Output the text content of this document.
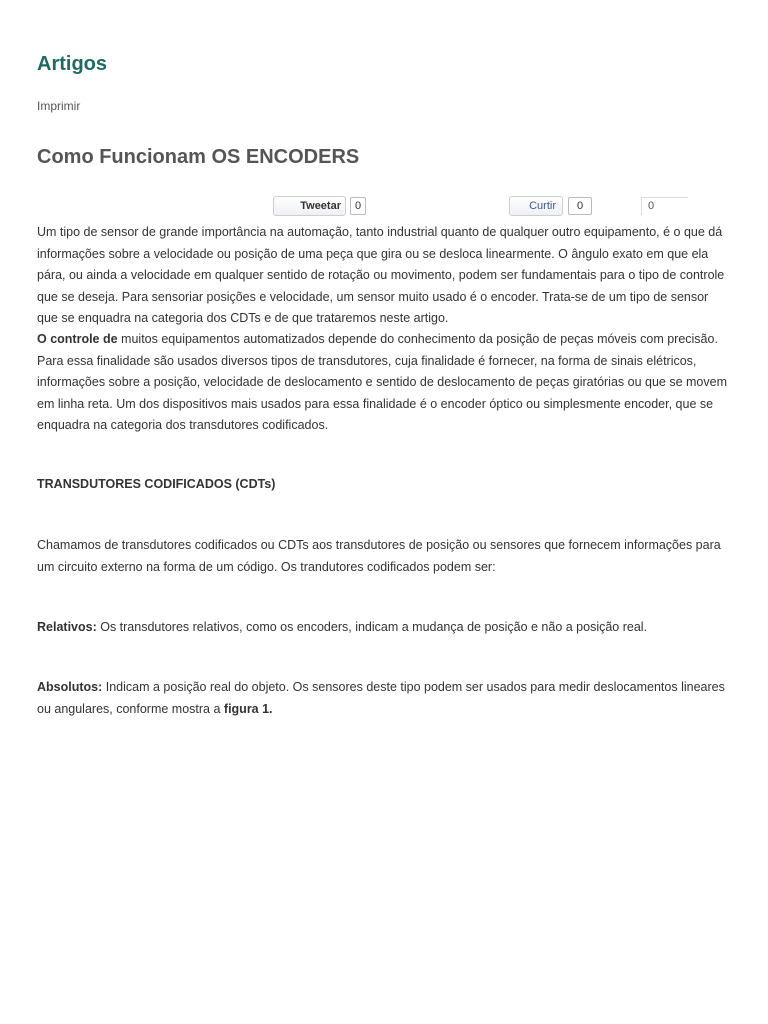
Artigos
Imprimir
Como Funcionam OS ENCODERS
Tweetar	0	Curtir	0	0
Um tipo de sensor de grande importância na automação, tanto industrial quanto de qualquer outro equipamento, é o que dá informações sobre a velocidade ou posição de uma peça que gira ou se desloca linearmente. O ângulo exato em que ela pára, ou ainda a velocidade em qualquer sentido de rotação ou movimento, podem ser fundamentais para o tipo de controle que se deseja. Para sensoriar posições e velocidade, um sensor muito usado é o encoder. Trata-se de um tipo de sensor que se enquadra na categoria dos CDTs e de que trataremos neste artigo.
O controle de muitos equipamentos automatizados depende do conhecimento da posição de peças móveis com precisão. Para essa finalidade são usados diversos tipos de transdutores, cuja finalidade é fornecer, na forma de sinais elétricos, informações sobre a posição, velocidade de deslocamento e sentido de deslocamento de peças giratórias ou que se movem em linha reta. Um dos dispositivos mais usados para essa finalidade é o encoder óptico ou simplesmente encoder, que se enquadra na categoria dos transdutores codificados.
TRANSDUTORES CODIFICADOS (CDTs)
Chamamos de transdutores codificados ou CDTs aos transdutores de posição ou sensores que fornecem informações para um circuito externo na forma de um código. Os trandutores codificados podem ser:
Relativos: Os transdutores relativos, como os encoders, indicam a mudança de posição e não a posição real.
Absolutos: Indicam a posição real do objeto. Os sensores deste tipo podem ser usados para medir deslocamentos lineares ou angulares, conforme mostra a figura 1.
